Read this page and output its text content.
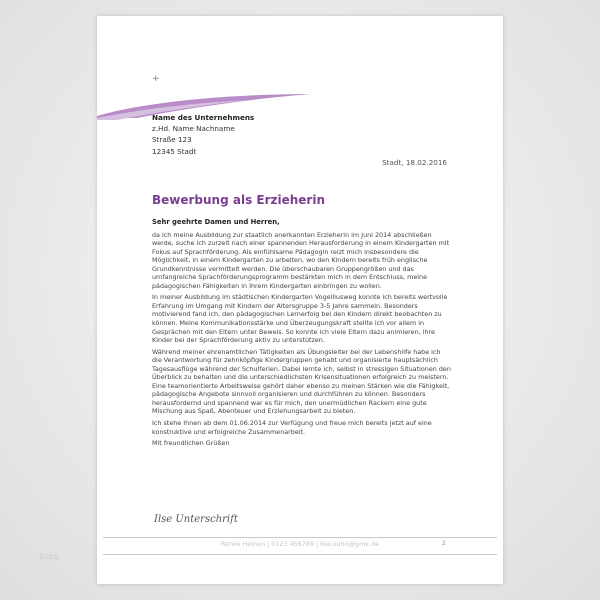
+
Name des Unternehmens
z.Hd. Name Nachname
Straße 123
12345 Stadt
Stadt, 18.02.2016
Bewerbung als Erzieherin
Sehr geehrte Damen und Herren,

da ich meine Ausbildung zur staatlich anerkannten Erzieherin im Juni 2014 abschließen werde, suche ich zurzeit nach einer spannenden Herausforderung in einem Kindergarten mit Fokus auf Sprachförderung. Als einfühlsame Pädagogin reizt mich insbesondere die Möglichkeit, in einem Kindergarten zu arbeiten, wo den Kindern bereits früh englische Grundkenntnisse vermittelt werden. Die überschaubaren Gruppengrößen und das umfangreiche Sprachförderungsprogramm bestärkten mich in dem Entschluss, meine pädagogischen Fähigkeiten in Ihrem Kindergarten einbringen zu wollen.

In meiner Ausbildung im städtischen Kindergarten Vogelliusweg konnte ich bereits wertvolle Erfahrung im Umgang mit Kindern der Altersgruppe 3-5 Jahre sammeln. Besonders motivierend fand ich, den pädagogischen Lernerfolg bei den Kindern direkt beobachten zu können. Meine Kommunikationsstärke und Überzeugungskraft stellte ich vor allem in Gesprächen mit den Eltern unter Beweis. So konnte ich viele Eltern dazu animieren, ihre Kinder bei der Sprachförderung aktiv zu unterstützen.

Während meiner ehrenamtlichen Tätigkeiten als Übungsleiter bei der Lebenshilfe habe ich die Verantwortung für zehnköpfige Kindergruppen gehabt und organisierte hauptsächlich Tagesausflüge während der Schulferien. Dabei lernte ich, selbst in stressigen Situationen den Überblick zu behalten und die unterschiedlichsten Krisensituationen erfolgreich zu meistern. Eine teamorientierte Arbeitsweise gehört daher ebenso zu meinen Stärken wie die Fähigkeit, pädagogische Angebote sinnvoll organisieren und durchführen zu können. Besonders herausfordernd und spannend war es für mich, den unermüdlichen Rackern eine gute Mischung aus Spaß, Abenteuer und Erziehungsarbeit zu bieten.

Ich stehe Ihnen ab dem 01.06.2014 zur Verfügung und freue mich bereits jetzt auf eine konstruktive und erfolgreiche Zusammenarbeit.

Mit freundlichen Grüßen

Ilse Unterschrift
Renke Heinen | 0123 456789 | ilse.kuhn@gmx.de	2
blog
